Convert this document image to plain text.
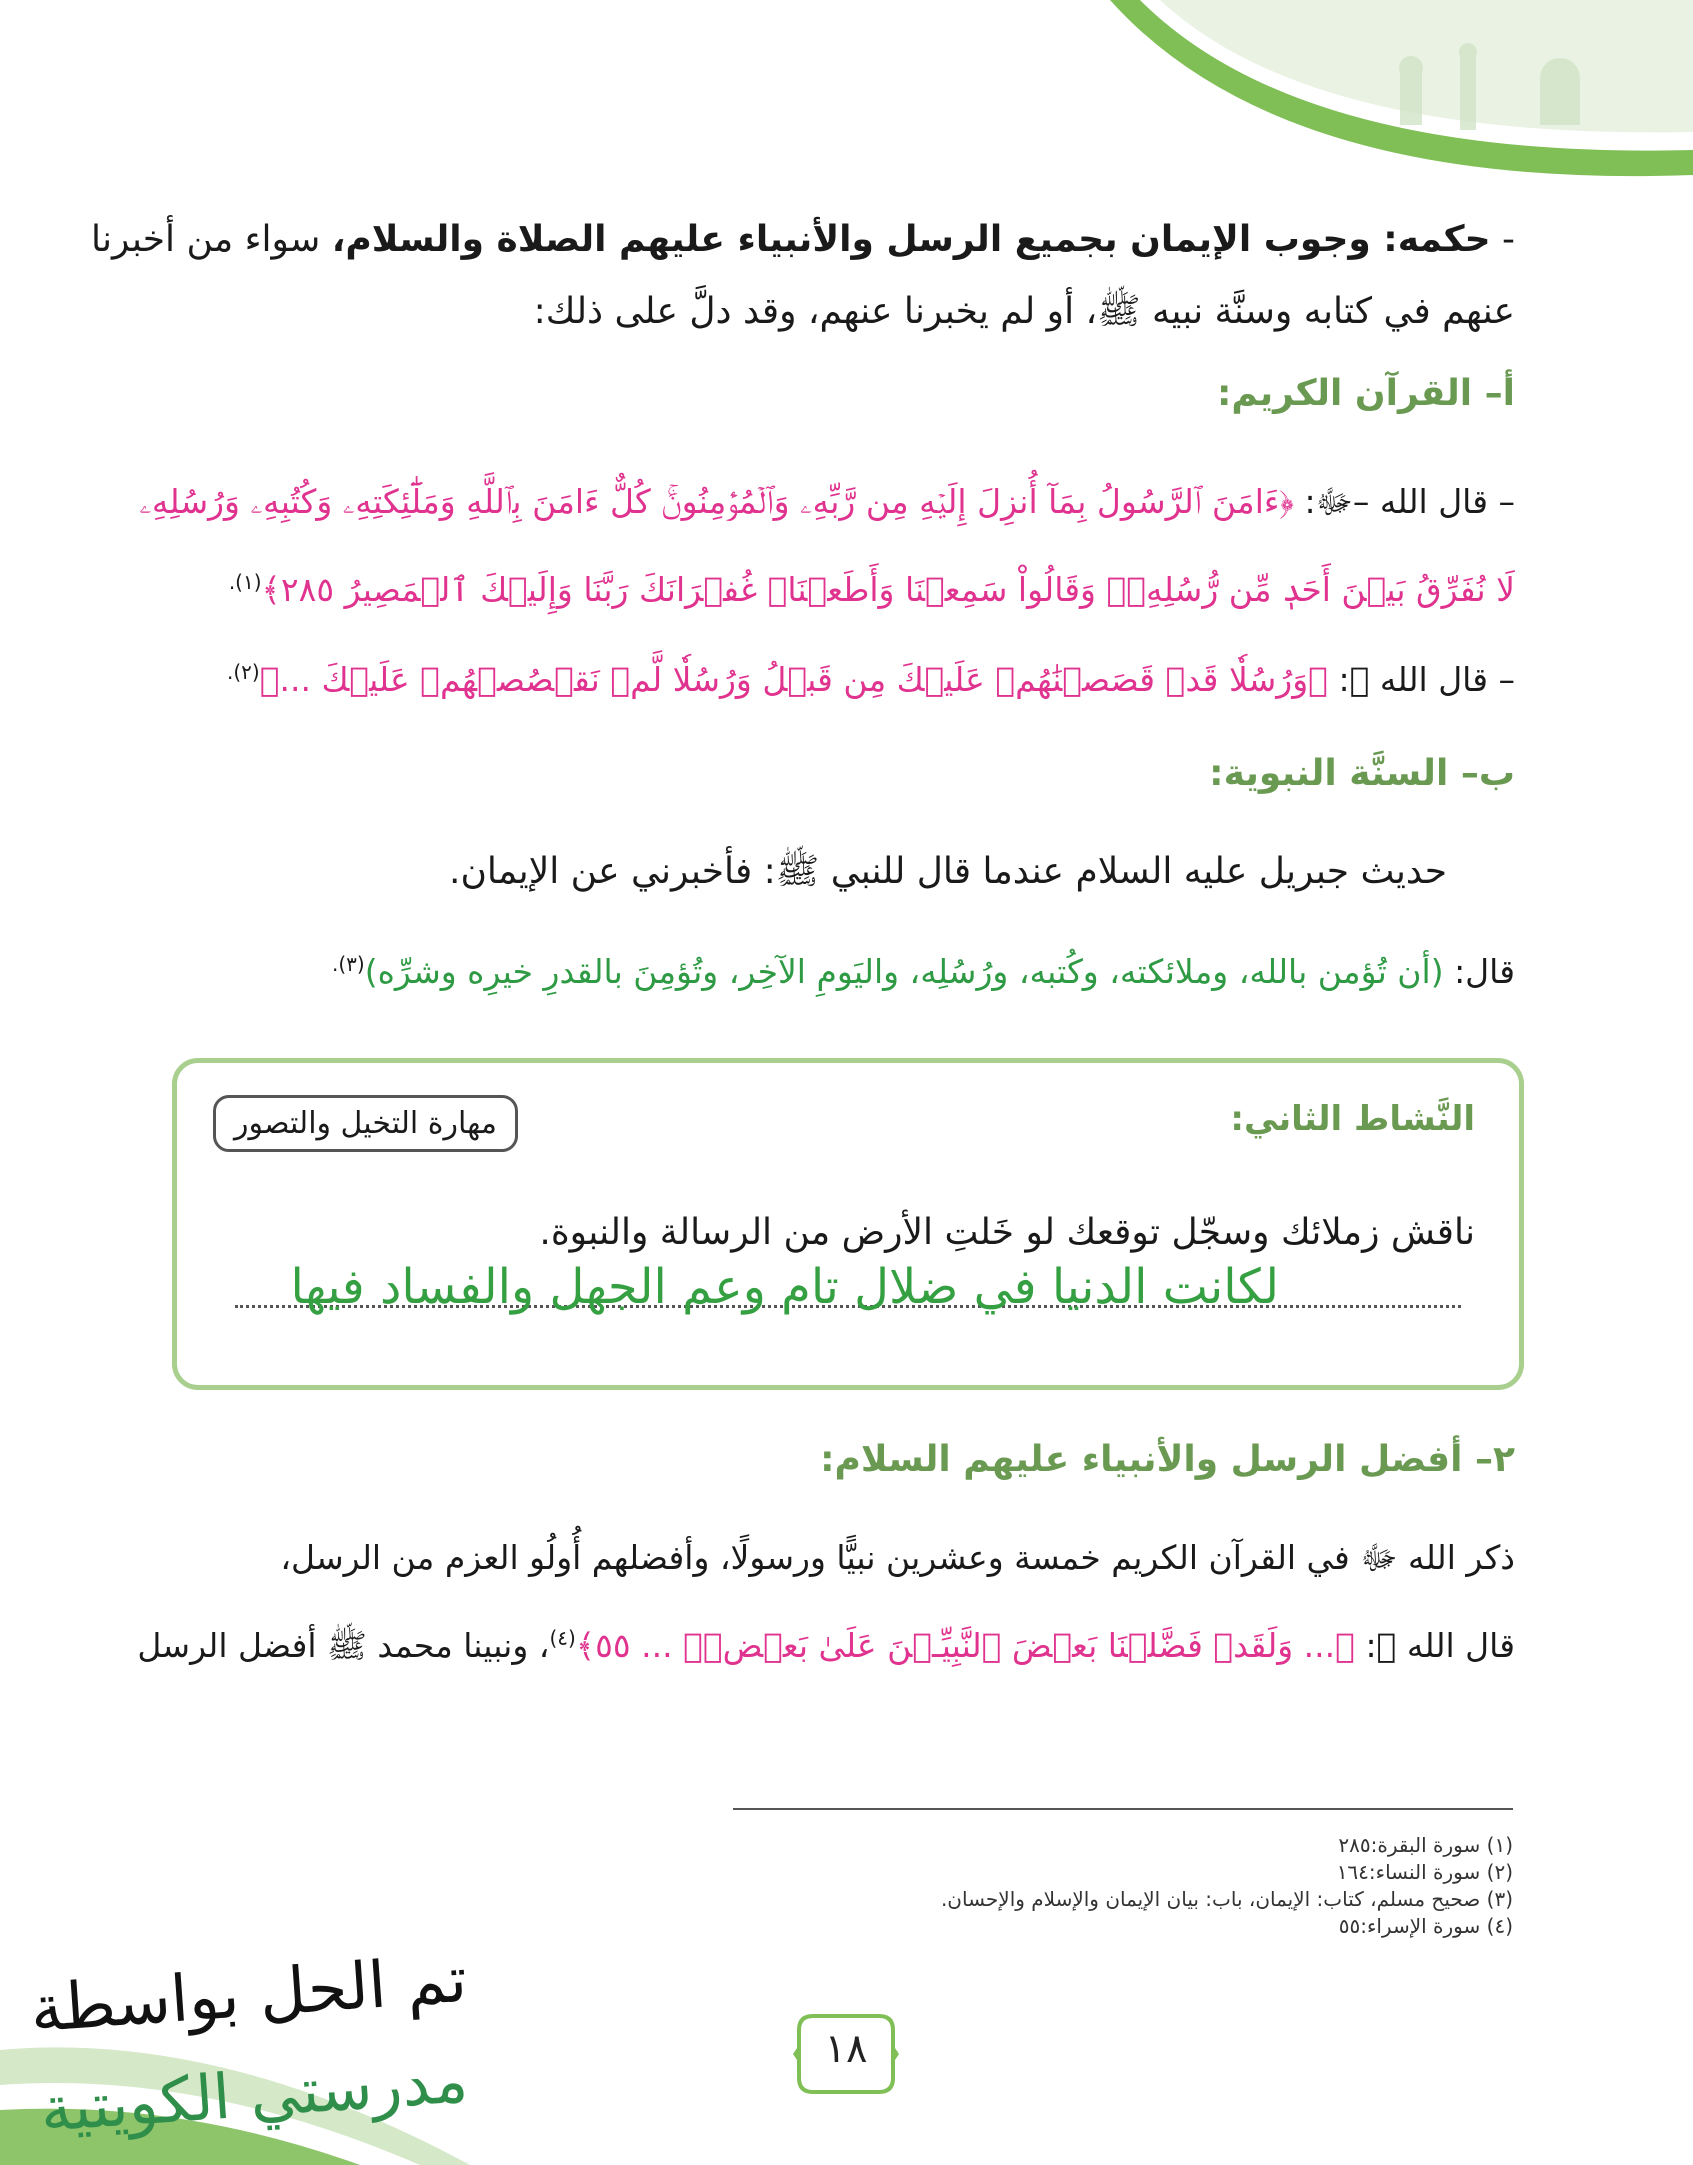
- حكمه: وجوب الإيمان بجميع الرسل والأنبياء عليهم الصلاة والسلام، سواء من أخبرنا
عنهم في كتابه وسنَّة نبيه ﷺ، أو لم يخبرنا عنهم، وقد دلَّ على ذلك:
أ– القرآن الكريم:
– قال الله –ﷻ: ﴿ءَامَنَ ٱلرَّسُولُ بِمَآ أُنزِلَ إِلَيۡهِ مِن رَّبِّهِۦ وَٱلۡمُؤۡمِنُونَۚ كُلٌّ ءَامَنَ بِٱللَّهِ وَمَلَٰٓئِكَتِهِۦ وَكُتُبِهِۦ وَرُسُلِهِۦ
لَا نُفَرِّقُ بَيۡنَ أَحَدٖ مِّن رُّسُلِهِۦۚ وَقَالُواْ سَمِعۡنَا وَأَطَعۡنَاۖ غُفۡرَانَكَ رَبَّنَا وَإِلَيۡكَ ٱلۡمَصِيرُ ٢٨٥﴾$^{(١).}$
– قال الله ﷻ: ﴿وَرُسُلٗا قَدۡ قَصَصۡنَٰهُمۡ عَلَيۡكَ مِن قَبۡلُ وَرُسُلٗا لَّمۡ نَقۡصُصۡهُمۡ عَلَيۡكَ ...﴾$^{(٢).}$
ب– السنَّة النبوية:
حديث جبريل عليه السلام عندما قال للنبي ﷺ: فأخبرني عن الإيمان.
قال: (أن تُؤمن بالله، وملائكته، وكُتبه، ورُسُلِه، واليَومِ الآخِر، وتُؤمِنَ بالقدرِ خيرِه وشرِّه)$^{(٣).}$
النَّشاط الثاني:
مهارة التخيل والتصور
ناقش زملائك وسجّل توقعك لو خَلتِ الأرض من الرسالة والنبوة.
لكانت الدنيا في ضلال تام وعم الجهل والفساد فيها
٢– أفضل الرسل والأنبياء عليهم السلام:
ذكر الله ﷻ في القرآن الكريم خمسة وعشرين نبيًّا ورسولًا، وأفضلهم أُولُو العزم من الرسل،
قال الله ﷻ: ﴿... وَلَقَدۡ فَضَّلۡنَا بَعۡضَ ٱلنَّبِيِّـۧنَ عَلَىٰ بَعۡضٖۖ ... ٥٥﴾$^{(٤)}$، ونبينا محمد ﷺ أفضل الرسل
(١) سورة البقرة:٢٨٥
(٢) سورة النساء:١٦٤
(٣) صحيح مسلم، كتاب: الإيمان، باب: بيان الإيمان والإسلام والإحسان.
(٤) سورة الإسراء:٥٥
تم الحل بواسطة
مدرستي الكويتية	١٨
